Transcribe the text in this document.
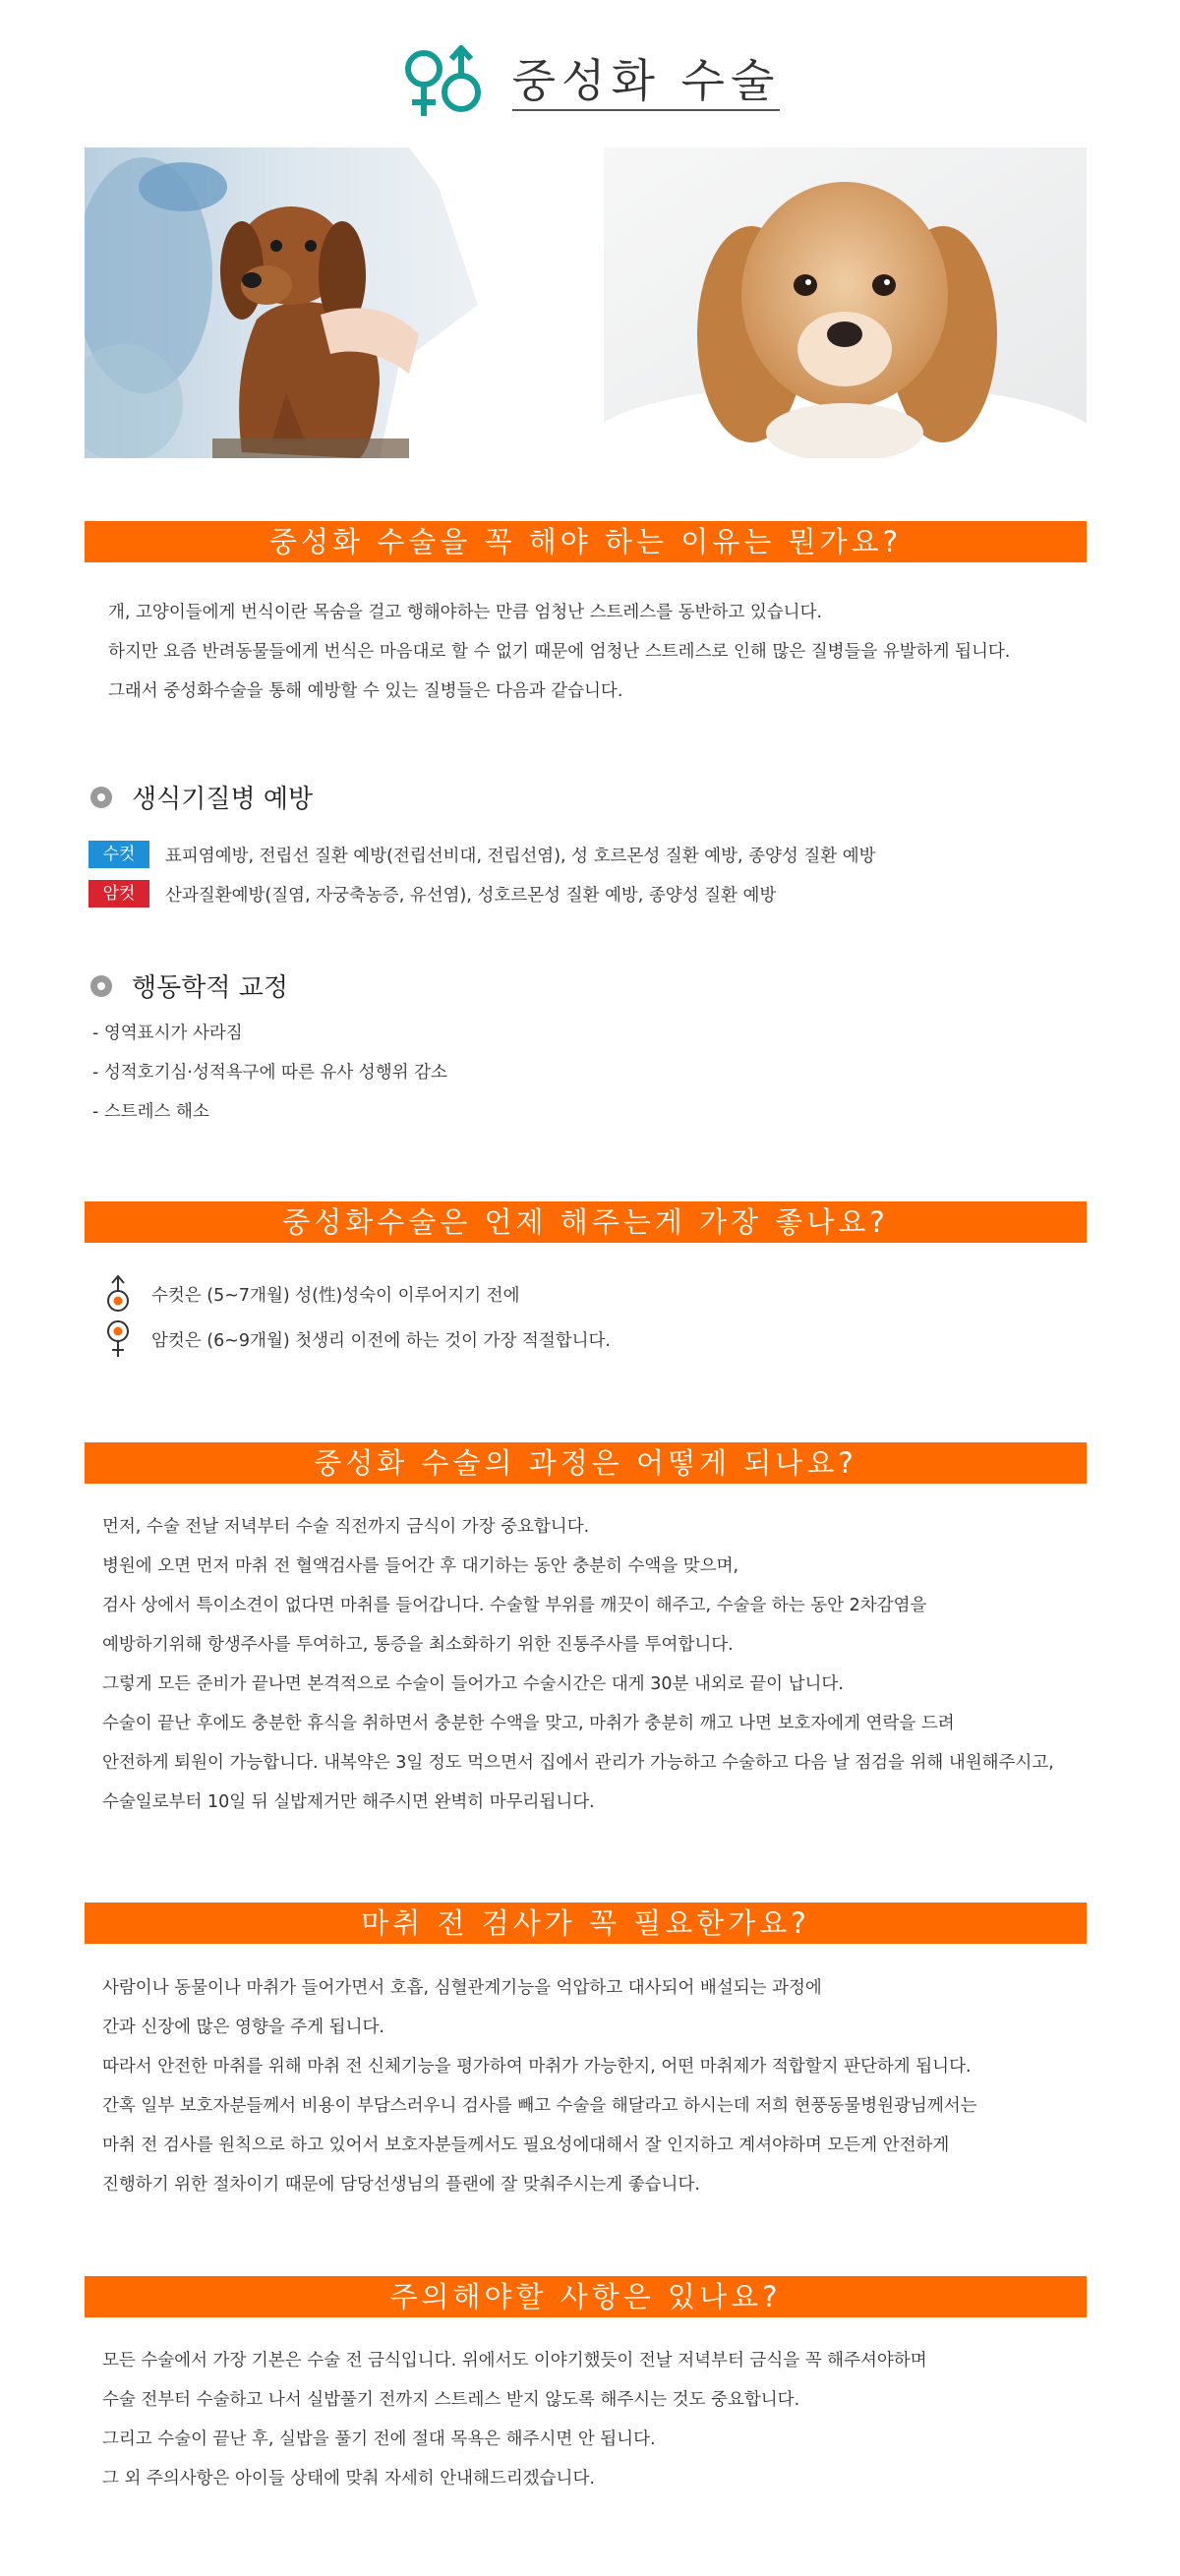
중성화 수술
중성화 수술을 꼭 해야 하는 이유는 뭔가요?

개, 고양이들에게 번식이란 목숨을 걸고 행해야하는 만큼 엄청난 스트레스를 동반하고 있습니다.

하지만 요즘 반려동물들에게 번식은 마음대로 할 수 없기 때문에 엄청난 스트레스로 인해 많은 질병들을 유발하게 됩니다.

그래서 중성화수술을 통해 예방할 수 있는 질병들은 다음과 같습니다.

생식기질병 예방
수컷	표피염예방, 전립선 질환 예방(전립선비대, 전립선염), 성 호르몬성 질환 예방, 종양성 질환 예방
암컷	산과질환예방(질염, 자궁축농증, 유선염), 성호르몬성 질환 예방, 종양성 질환 예방
행동학적 교정

- 영역표시가 사라짐

- 성적호기심·성적욕구에 따른 유사 성행위 감소

- 스트레스 해소

중성화수술은 언제 해주는게 가장 좋나요?
수컷은 (5~7개월) 성(性)성숙이 이루어지기 전에
암컷은 (6~9개월) 첫생리 이전에 하는 것이 가장 적절합니다.
중성화 수술의 과정은 어떻게 되나요?

먼저, 수술 전날 저녁부터 수술 직전까지 금식이 가장 중요합니다.

병원에 오면 먼저 마취 전 혈액검사를 들어간 후 대기하는 동안 충분히 수액을 맞으며,

검사 상에서 특이소견이 없다면 마취를 들어갑니다. 수술할 부위를 깨끗이 해주고, 수술을 하는 동안 2차감염을

예방하기위해 항생주사를 투여하고, 통증을 최소화하기 위한 진통주사를 투여합니다.

그렇게 모든 준비가 끝나면 본격적으로 수술이 들어가고 수술시간은 대게 30분 내외로 끝이 납니다.

수술이 끝난 후에도 충분한 휴식을 취하면서 충분한 수액을 맞고, 마취가 충분히 깨고 나면 보호자에게 연락을 드려

안전하게 퇴원이 가능합니다. 내복약은 3일 정도 먹으면서 집에서 관리가 가능하고 수술하고 다음 날 점검을 위해 내원해주시고,

수술일로부터 10일 뒤 실밥제거만 해주시면 완벽히 마무리됩니다.

마취 전 검사가 꼭 필요한가요?

사람이나 동물이나 마취가 들어가면서 호흡, 심혈관계기능을 억압하고 대사되어 배설되는 과정에

간과 신장에 많은 영향을 주게 됩니다.

따라서 안전한 마취를 위해 마취 전 신체기능을 평가하여 마취가 가능한지, 어떤 마취제가 적합할지 판단하게 됩니다.

간혹 일부 보호자분들께서 비용이 부담스러우니 검사를 빼고 수술을 해달라고 하시는데 저희 현풍동물병원광님께서는

마취 전 검사를 원칙으로 하고 있어서 보호자분들께서도 필요성에대해서 잘 인지하고 계셔야하며 모든게 안전하게

진행하기 위한 절차이기 때문에 담당선생님의 플랜에 잘 맞춰주시는게 좋습니다.

주의해야할 사항은 있나요?

모든 수술에서 가장 기본은 수술 전 금식입니다. 위에서도 이야기했듯이 전날 저녁부터 금식을 꼭 해주셔야하며

수술 전부터 수술하고 나서 실밥풀기 전까지 스트레스 받지 않도록 해주시는 것도 중요합니다.

그리고 수술이 끝난 후, 실밥을 풀기 전에 절대 목욕은 해주시면 안 됩니다.

그 외 주의사항은 아이들 상태에 맞춰 자세히 안내해드리겠습니다.
